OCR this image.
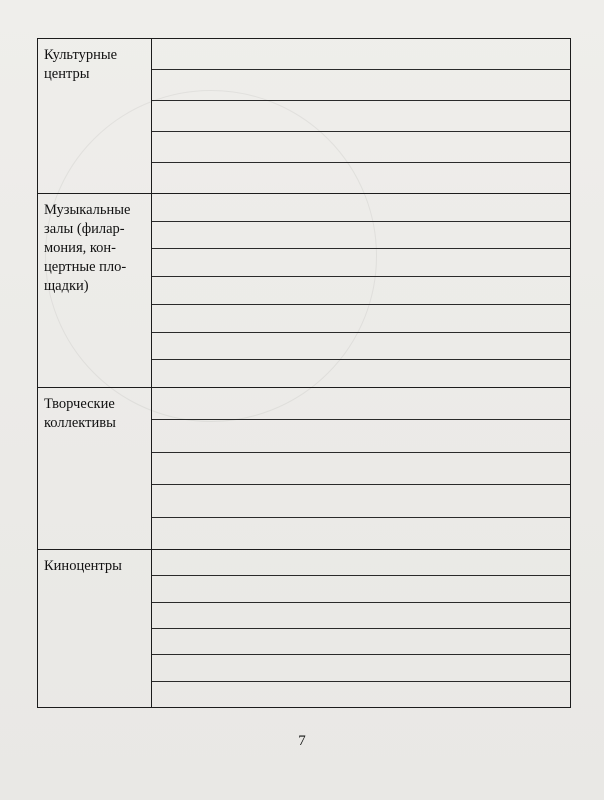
Культурные
центры
Музыкальные
залы (филар-
мония, кон-
цертные пло-
щадки)
Творческие
коллективы
Киноцентры
7
